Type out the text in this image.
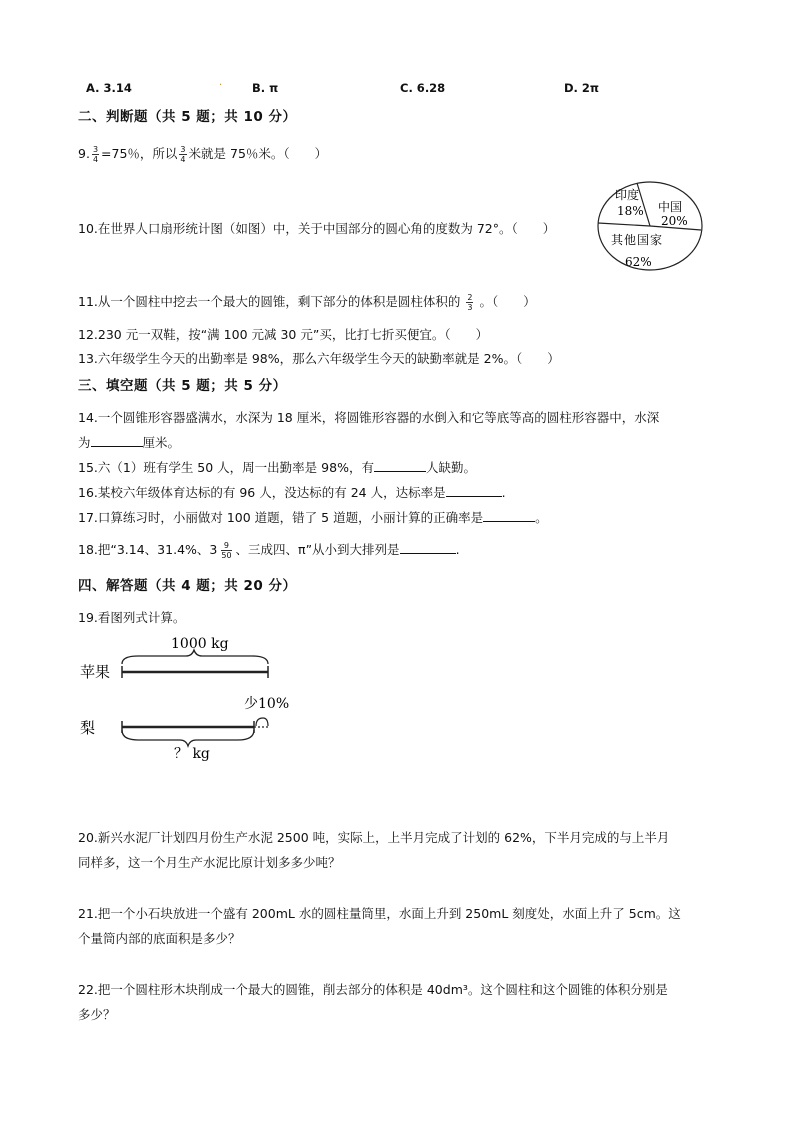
A. 3.14	·	B. π	C. 6.28	D. 2π
二、判断题（共 5 题；共 10 分）
9. $\frac{3}{4} =75$％，所以 $\frac{3}{4}$ 米就是 75％米。（　　）
10.在世界人口扇形统计图（如图）中，关于中国部分的圆心角的度数为 72°。（　　）
印度
18% 中国
20%
其他国家
62%
11.从一个圆柱中挖去一个最大的圆锥，剩下部分的体积是圆柱体积的 $\frac{2}{3}$ 。（　　）
12.230 元一双鞋，按“满 100 元减 30 元”买，比打七折买便宜。（　　）
13.六年级学生今天的出勤率是 98%，那么六年级学生今天的缺勤率就是 2%。（　　）
三、填空题（共 5 题；共 5 分）
14.一个圆锥形容器盛满水，水深为 18 厘米，将圆锥形容器的水倒入和它等底等高的圆柱形容器中，水深
为	厘米。
15.六（1）班有学生 50 人，周一出勤率是 98%，有	人缺勤。
16.某校六年级体育达标的有 96 人，没达标的有 24 人，达标率是	.
17.口算练习时，小丽做对 100 道题，错了 5 道题，小丽计算的正确率是	。
18.把“3.14、31.4%、$3 \frac{9}{50}$ 、三成四、π”从小到大排列是	.
四、解答题（共 4 题；共 20 分）
19.看图列式计算。
1000 kg
苹果
少10%
梨
？ kg
20.新兴水泥厂计划四月份生产水泥 2500 吨，实际上，上半月完成了计划的 62%，下半月完成的与上半月
同样多，这一个月生产水泥比原计划多多少吨？
21.把一个小石块放进一个盛有 200mL 水的圆柱量筒里，水面上升到 250mL 刻度处，水面上升了 5cm。这
个量筒内部的底面积是多少？
22.把一个圆柱形木块削成一个最大的圆锥，削去部分的体积是 40dm³。这个圆柱和这个圆锥的体积分别是
多少？
